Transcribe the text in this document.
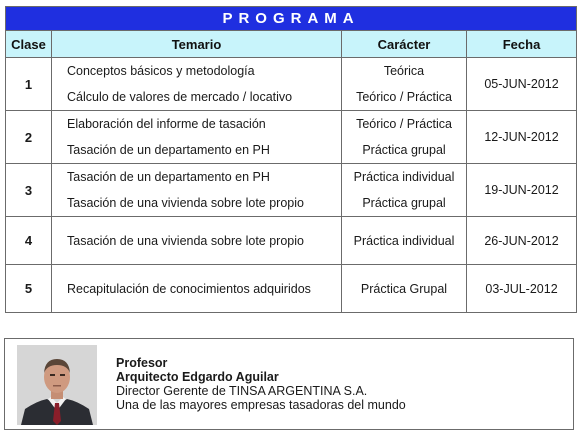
PROGRAMA			
Clase	Temario	Carácter	Fecha
1	Conceptos básicos y metodología	Teórica	05-JUN-2012
	Cálculo de valores de mercado / locativo	Teórico / Práctica	
2	Elaboración del informe de tasación	Teórico / Práctica	12-JUN-2012
	Tasación de un departamento en PH	Práctica grupal	
3	Tasación de un departamento en PH	Práctica individual	19-JUN-2012
	Tasación de una vivienda sobre lote propio	Práctica grupal	
4	Tasación de una vivienda sobre lote propio	Práctica individual	26-JUN-2012
5	Recapitulación de conocimientos adquiridos	Práctica Grupal	03-JUL-2012
Profesor
Arquitecto Edgardo Aguilar
Director Gerente de TINSA ARGENTINA S.A.
Una de las mayores empresas tasadoras del mundo
